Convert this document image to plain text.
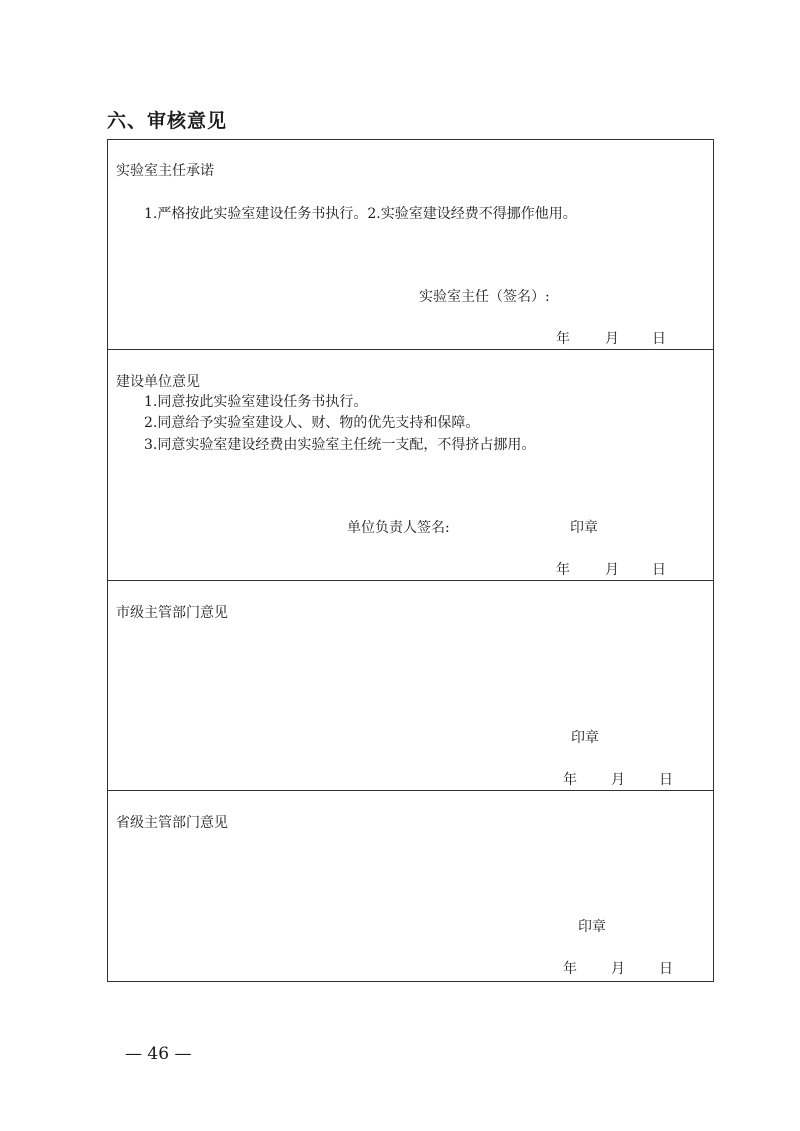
六、审核意见
实验室主任承诺
1.严格按此实验室建设任务书执行。2.实验室建设经费不得挪作他用。
实验室主任（签名）:
年	月 日
建设单位意见
1.同意按此实验室建设任务书执行。
2.同意给予实验室建设人、财、物的优先支持和保障。
3.同意实验室建设经费由实验室主任统一支配，不得挤占挪用。
单位负责人签名:	印章
年	月 日
市级主管部门意见
印章
年 月 日
省级主管部门意见
印章
年 月 日
— 46 —
